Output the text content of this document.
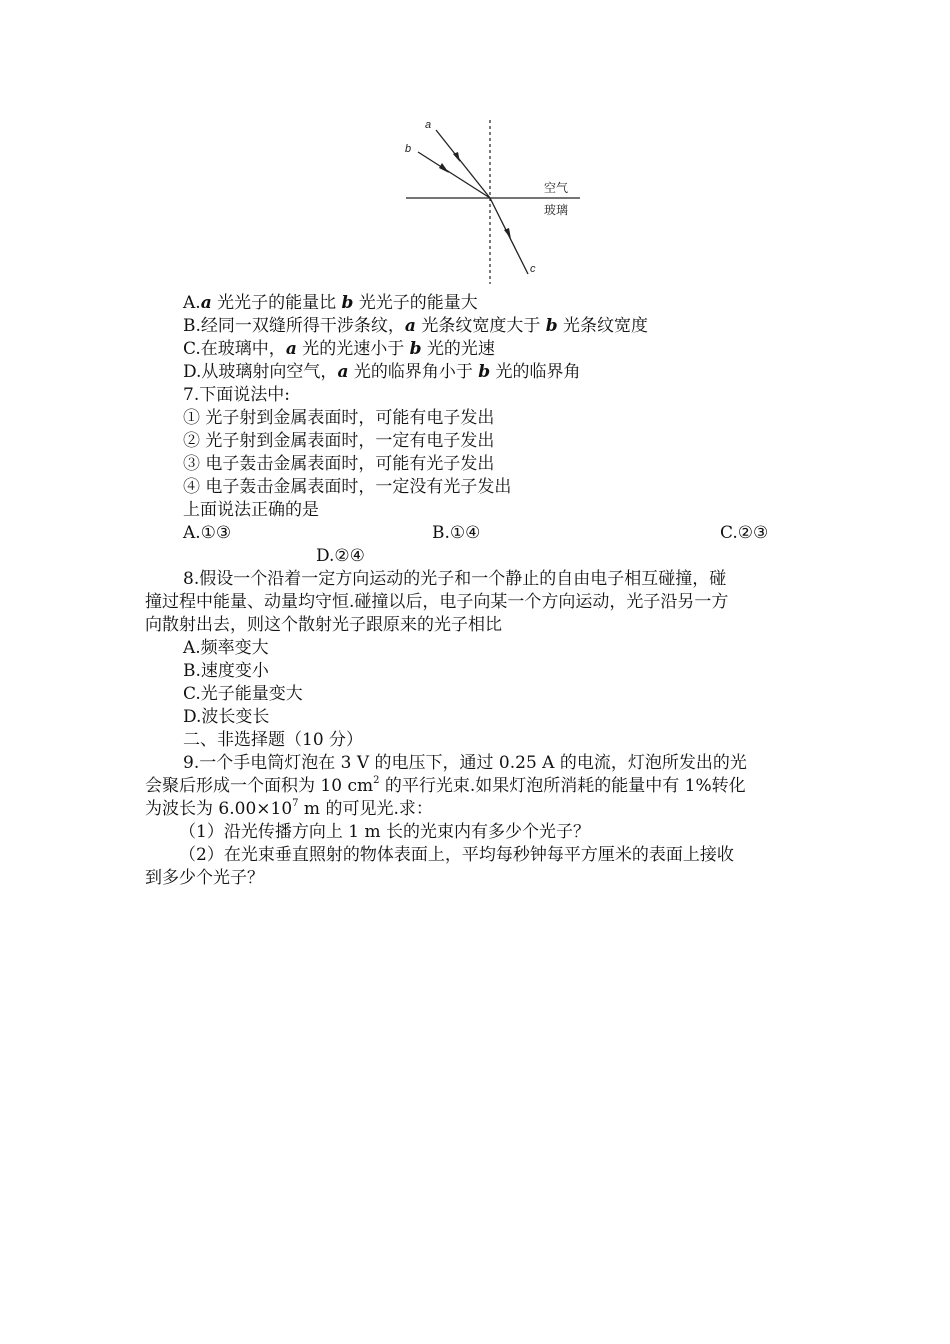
a
b
c
空气
玻璃
A.a 光光子的能量比 b 光光子的能量大
B.经同一双缝所得干涉条纹，a 光条纹宽度大于 b 光条纹宽度
C.在玻璃中，a 光的光速小于 b 光的光速
D.从玻璃射向空气，a 光的临界角小于 b 光的临界角
7.下面说法中:
① 光子射到金属表面时，可能有电子发出
② 光子射到金属表面时，一定有电子发出
③ 电子轰击金属表面时，可能有光子发出
④ 电子轰击金属表面时，一定没有光子发出
上面说法正确的是
A.①③	B.①④	C.②③
D.②④
8.假设一个沿着一定方向运动的光子和一个静止的自由电子相互碰撞，碰
撞过程中能量、动量均守恒.碰撞以后，电子向某一个方向运动，光子沿另一方
向散射出去，则这个散射光子跟原来的光子相比
A.频率变大
B.速度变小
C.光子能量变大
D.波长变长
二、非选择题（10 分）
9.一个手电筒灯泡在 3 V 的电压下，通过 0.25 A 的电流，灯泡所发出的光
会聚后形成一个面积为 10 $cm^2$ 的平行光束.如果灯泡所消耗的能量中有 1%转化
为波长为 $6.00\times 10^7$ m 的可见光.求：
（1）沿光传播方向上 1 m 长的光束内有多少个光子？
（2）在光束垂直照射的物体表面上，平均每秒钟每平方厘米的表面上接收
到多少个光子？
